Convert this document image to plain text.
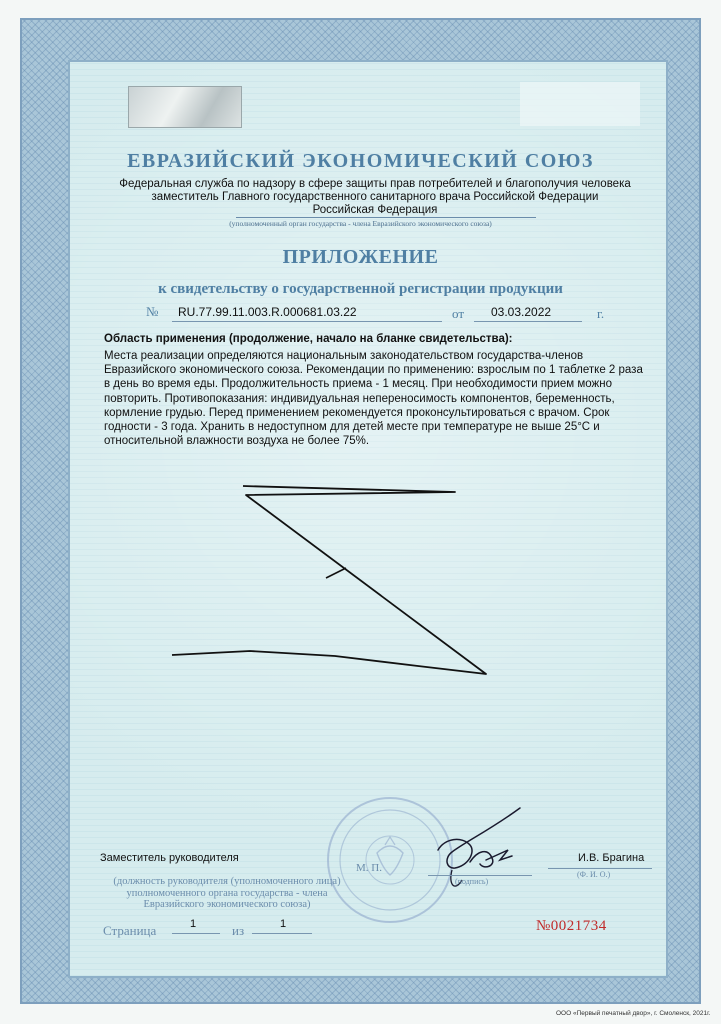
ЕВРАЗИЙСКИЙ ЭКОНОМИЧЕСКИЙ СОЮЗ
Федеральная служба по надзору в сфере защиты прав потребителей и благополучия человека
заместитель Главного государственного санитарного врача Российской Федерации
Российская Федерация
(уполномоченный орган государства - члена Евразийского экономического союза)
ПРИЛОЖЕНИЕ
к свидетельству о государственной регистрации продукции
№ RU.77.99.11.003.R.000681.03.22	от 03.03.2022	г.
Область применения (продолжение, начало на бланке свидетельства):
Места реализации определяются национальным законодательством государства-членов Евразийского экономического союза. Рекомендации по применению: взрослым по 1 таблетке 2 раза в день во время еды. Продолжительность приема - 1 месяц. При необходимости прием можно повторить. Противопоказания: индивидуальная непереносимость компонентов, беременность, кормление грудью. Перед применением рекомендуется проконсультироваться с врачом. Срок годности - 3 года. Хранить в недоступном для детей месте при температуре не выше 25°С и относительной влажности воздуха не более 75%.
Заместитель руководителя
М. П.
(подпись)
И.В. Брагина
(Ф. И. О.)
(должность руководителя (уполномоченного лица) уполномоченного органа государства - члена Евразийского экономического союза)
Страница	1	из	1	№0021734
ООО «Первый печатный двор», г. Смоленск, 2021г.
